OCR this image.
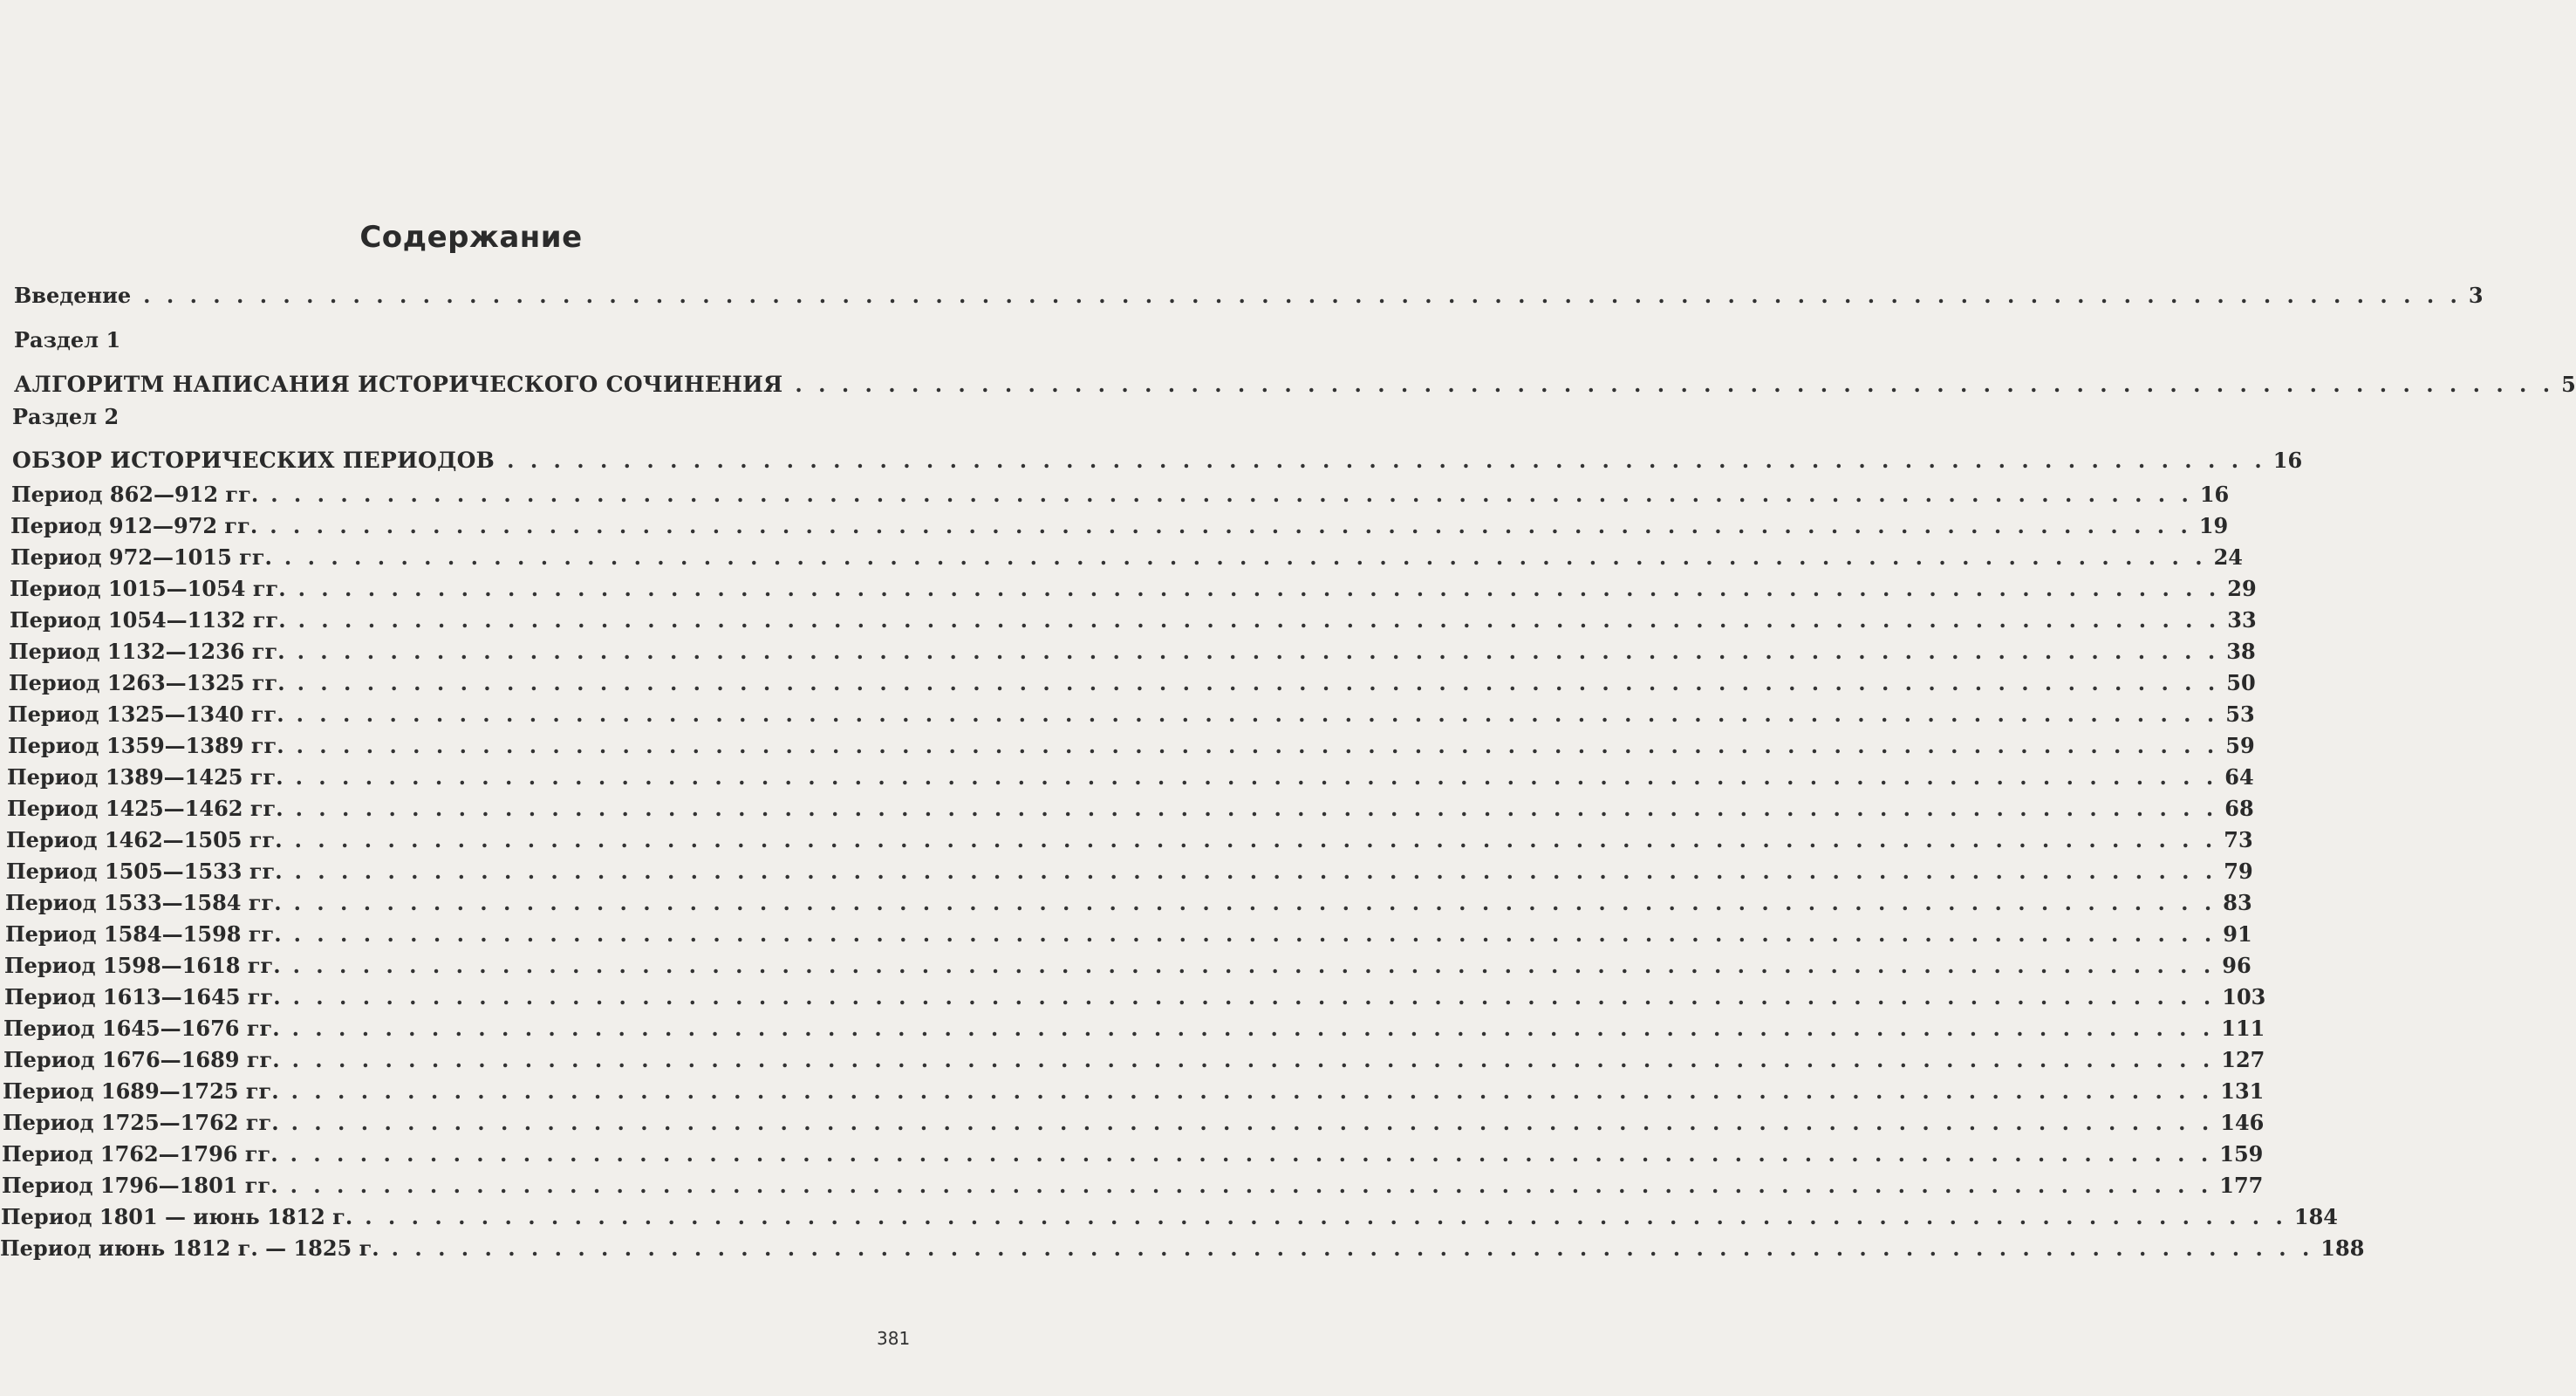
Содержание
Введение . . . . . . . . . . . . . . . . . . . . . . . . . . . . . . . . . . . . . . . . . . . . . . . . . . . . . . . . . . . . . . . . . . . . . . . . . . . . . . . . . . . . . . . . . . . . . . . . . . . . 3
Раздел 1
АЛГОРИТМ НАПИСАНИЯ ИСТОРИЧЕСКОГО СОЧИНЕНИЯ . . . . . . . . . . . . . . . . . . . . . . . . . . . . . . . . . . . . . . . . . . . . . . . . . . . . . . . . . . . . . . . . . . . . . . . . . . . . 5
Раздел 2
ОБЗОР ИСТОРИЧЕСКИХ ПЕРИОДОВ . . . . . . . . . . . . . . . . . . . . . . . . . . . . . . . . . . . . . . . . . . . . . . . . . . . . . . . . . . . . . . . . . . . . . . . . . . . . 16
Период 862—912 гг. . . . . . . . . . . . . . . . . . . . . . . . . . . . . . . . . . . . . . . . . . . . . . . . . . . . . . . . . . . . . . . . . . . . . . . . . . . . . . . . . . . . 16
Период 912—972 гг. . . . . . . . . . . . . . . . . . . . . . . . . . . . . . . . . . . . . . . . . . . . . . . . . . . . . . . . . . . . . . . . . . . . . . . . . . . . . . . . . . . . 19
Период 972—1015 гг. . . . . . . . . . . . . . . . . . . . . . . . . . . . . . . . . . . . . . . . . . . . . . . . . . . . . . . . . . . . . . . . . . . . . . . . . . . . . . . . . . . . 24
Период 1015—1054 гг. . . . . . . . . . . . . . . . . . . . . . . . . . . . . . . . . . . . . . . . . . . . . . . . . . . . . . . . . . . . . . . . . . . . . . . . . . . . . . . . . . . . 29
Период 1054—1132 гг. . . . . . . . . . . . . . . . . . . . . . . . . . . . . . . . . . . . . . . . . . . . . . . . . . . . . . . . . . . . . . . . . . . . . . . . . . . . . . . . . . . . 33
Период 1132—1236 гг. . . . . . . . . . . . . . . . . . . . . . . . . . . . . . . . . . . . . . . . . . . . . . . . . . . . . . . . . . . . . . . . . . . . . . . . . . . . . . . . . . . . 38
Период 1263—1325 гг. . . . . . . . . . . . . . . . . . . . . . . . . . . . . . . . . . . . . . . . . . . . . . . . . . . . . . . . . . . . . . . . . . . . . . . . . . . . . . . . . . . . 50
Период 1325—1340 гг. . . . . . . . . . . . . . . . . . . . . . . . . . . . . . . . . . . . . . . . . . . . . . . . . . . . . . . . . . . . . . . . . . . . . . . . . . . . . . . . . . . . 53
Период 1359—1389 гг. . . . . . . . . . . . . . . . . . . . . . . . . . . . . . . . . . . . . . . . . . . . . . . . . . . . . . . . . . . . . . . . . . . . . . . . . . . . . . . . . . . . 59
Период 1389—1425 гг. . . . . . . . . . . . . . . . . . . . . . . . . . . . . . . . . . . . . . . . . . . . . . . . . . . . . . . . . . . . . . . . . . . . . . . . . . . . . . . . . . . . 64
Период 1425—1462 гг. . . . . . . . . . . . . . . . . . . . . . . . . . . . . . . . . . . . . . . . . . . . . . . . . . . . . . . . . . . . . . . . . . . . . . . . . . . . . . . . . . . . 68
Период 1462—1505 гг. . . . . . . . . . . . . . . . . . . . . . . . . . . . . . . . . . . . . . . . . . . . . . . . . . . . . . . . . . . . . . . . . . . . . . . . . . . . . . . . . . . . 73
Период 1505—1533 гг. . . . . . . . . . . . . . . . . . . . . . . . . . . . . . . . . . . . . . . . . . . . . . . . . . . . . . . . . . . . . . . . . . . . . . . . . . . . . . . . . . . . 79
Период 1533—1584 гг. . . . . . . . . . . . . . . . . . . . . . . . . . . . . . . . . . . . . . . . . . . . . . . . . . . . . . . . . . . . . . . . . . . . . . . . . . . . . . . . . . . . 83
Период 1584—1598 гг. . . . . . . . . . . . . . . . . . . . . . . . . . . . . . . . . . . . . . . . . . . . . . . . . . . . . . . . . . . . . . . . . . . . . . . . . . . . . . . . . . . . 91
Период 1598—1618 гг. . . . . . . . . . . . . . . . . . . . . . . . . . . . . . . . . . . . . . . . . . . . . . . . . . . . . . . . . . . . . . . . . . . . . . . . . . . . . . . . . . . . 96
Период 1613—1645 гг. . . . . . . . . . . . . . . . . . . . . . . . . . . . . . . . . . . . . . . . . . . . . . . . . . . . . . . . . . . . . . . . . . . . . . . . . . . . . . . . . . . . 103
Период 1645—1676 гг. . . . . . . . . . . . . . . . . . . . . . . . . . . . . . . . . . . . . . . . . . . . . . . . . . . . . . . . . . . . . . . . . . . . . . . . . . . . . . . . . . . . 111
Период 1676—1689 гг. . . . . . . . . . . . . . . . . . . . . . . . . . . . . . . . . . . . . . . . . . . . . . . . . . . . . . . . . . . . . . . . . . . . . . . . . . . . . . . . . . . . 127
Период 1689—1725 гг. . . . . . . . . . . . . . . . . . . . . . . . . . . . . . . . . . . . . . . . . . . . . . . . . . . . . . . . . . . . . . . . . . . . . . . . . . . . . . . . . . . . 131
Период 1725—1762 гг. . . . . . . . . . . . . . . . . . . . . . . . . . . . . . . . . . . . . . . . . . . . . . . . . . . . . . . . . . . . . . . . . . . . . . . . . . . . . . . . . . . . 146
Период 1762—1796 гг. . . . . . . . . . . . . . . . . . . . . . . . . . . . . . . . . . . . . . . . . . . . . . . . . . . . . . . . . . . . . . . . . . . . . . . . . . . . . . . . . . . . 159
Период 1796—1801 гг. . . . . . . . . . . . . . . . . . . . . . . . . . . . . . . . . . . . . . . . . . . . . . . . . . . . . . . . . . . . . . . . . . . . . . . . . . . . . . . . . . . . 177
Период 1801 — июнь 1812 г. . . . . . . . . . . . . . . . . . . . . . . . . . . . . . . . . . . . . . . . . . . . . . . . . . . . . . . . . . . . . . . . . . . . . . . . . . . . . . . . . . . . 184
Период июнь 1812 г. — 1825 г. . . . . . . . . . . . . . . . . . . . . . . . . . . . . . . . . . . . . . . . . . . . . . . . . . . . . . . . . . . . . . . . . . . . . . . . . . . . . . . . . . . . 188
381
